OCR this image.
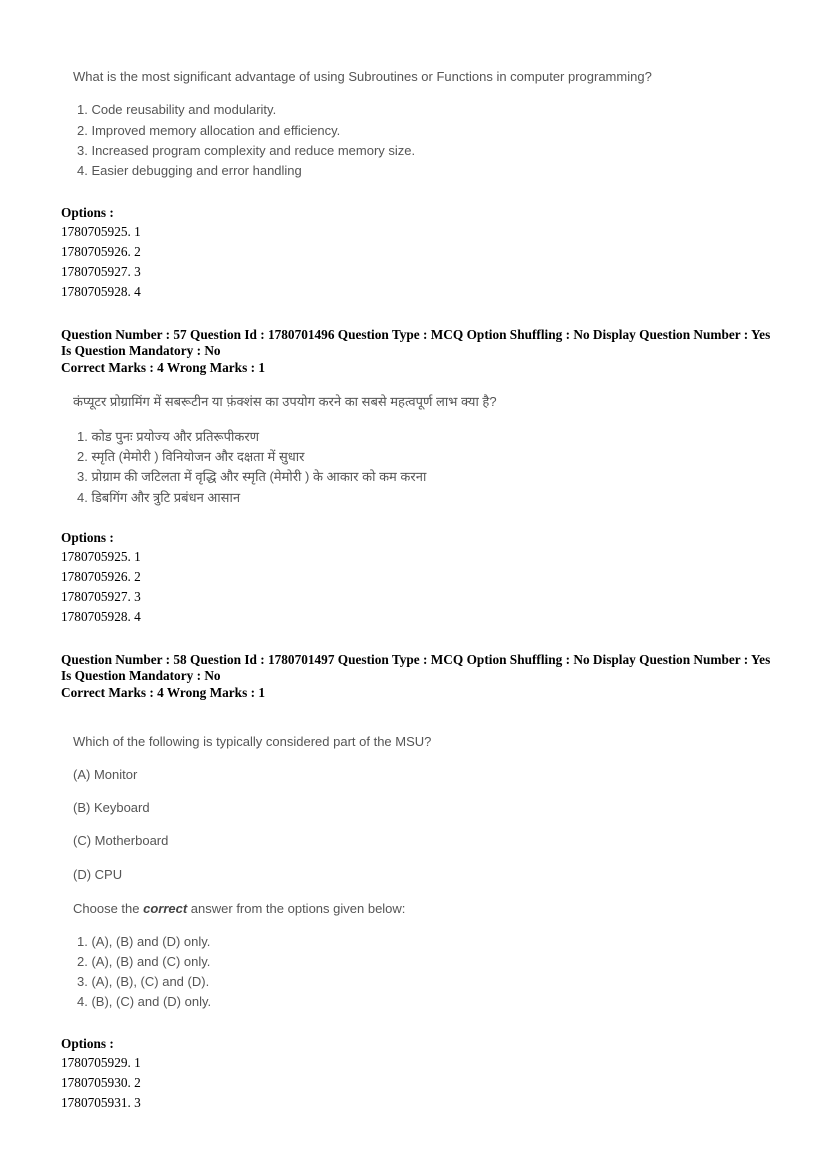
What is the most significant advantage of using Subroutines or Functions in computer programming?
1. Code reusability and modularity.
2. Improved memory allocation and efficiency.
3. Increased program complexity and reduce memory size.
4. Easier debugging and error handling
Options :
1780705925. 1
1780705926. 2
1780705927. 3
1780705928. 4
Question Number : 57 Question Id : 1780701496 Question Type : MCQ Option Shuffling : No Display Question Number : Yes
Is Question Mandatory : No
Correct Marks : 4 Wrong Marks : 1
कंप्यूटर प्रोग्रामिंग में सबरूटीन या फ़ंक्शंस का उपयोग करने का सबसे महत्वपूर्ण लाभ क्या है?
1. कोड पुनः प्रयोज्य और प्रतिरूपीकरण
2. स्मृति (मेमोरी ) विनियोजन और दक्षता में सुधार
3. प्रोग्राम की जटिलता में वृद्धि और स्मृति (मेमोरी ) के आकार को कम करना
4. डिबगिंग और त्रुटि प्रबंधन आसान
Options :
1780705925. 1
1780705926. 2
1780705927. 3
1780705928. 4
Question Number : 58 Question Id : 1780701497 Question Type : MCQ Option Shuffling : No Display Question Number : Yes
Is Question Mandatory : No
Correct Marks : 4 Wrong Marks : 1
Which of the following is typically considered part of the MSU?
(A) Monitor
(B) Keyboard
(C) Motherboard
(D) CPU
Choose the correct answer from the options given below:
1. (A), (B) and (D) only.
2. (A), (B) and (C) only.
3. (A), (B), (C) and (D).
4. (B), (C) and (D) only.
Options :
1780705929. 1
1780705930. 2
1780705931. 3
